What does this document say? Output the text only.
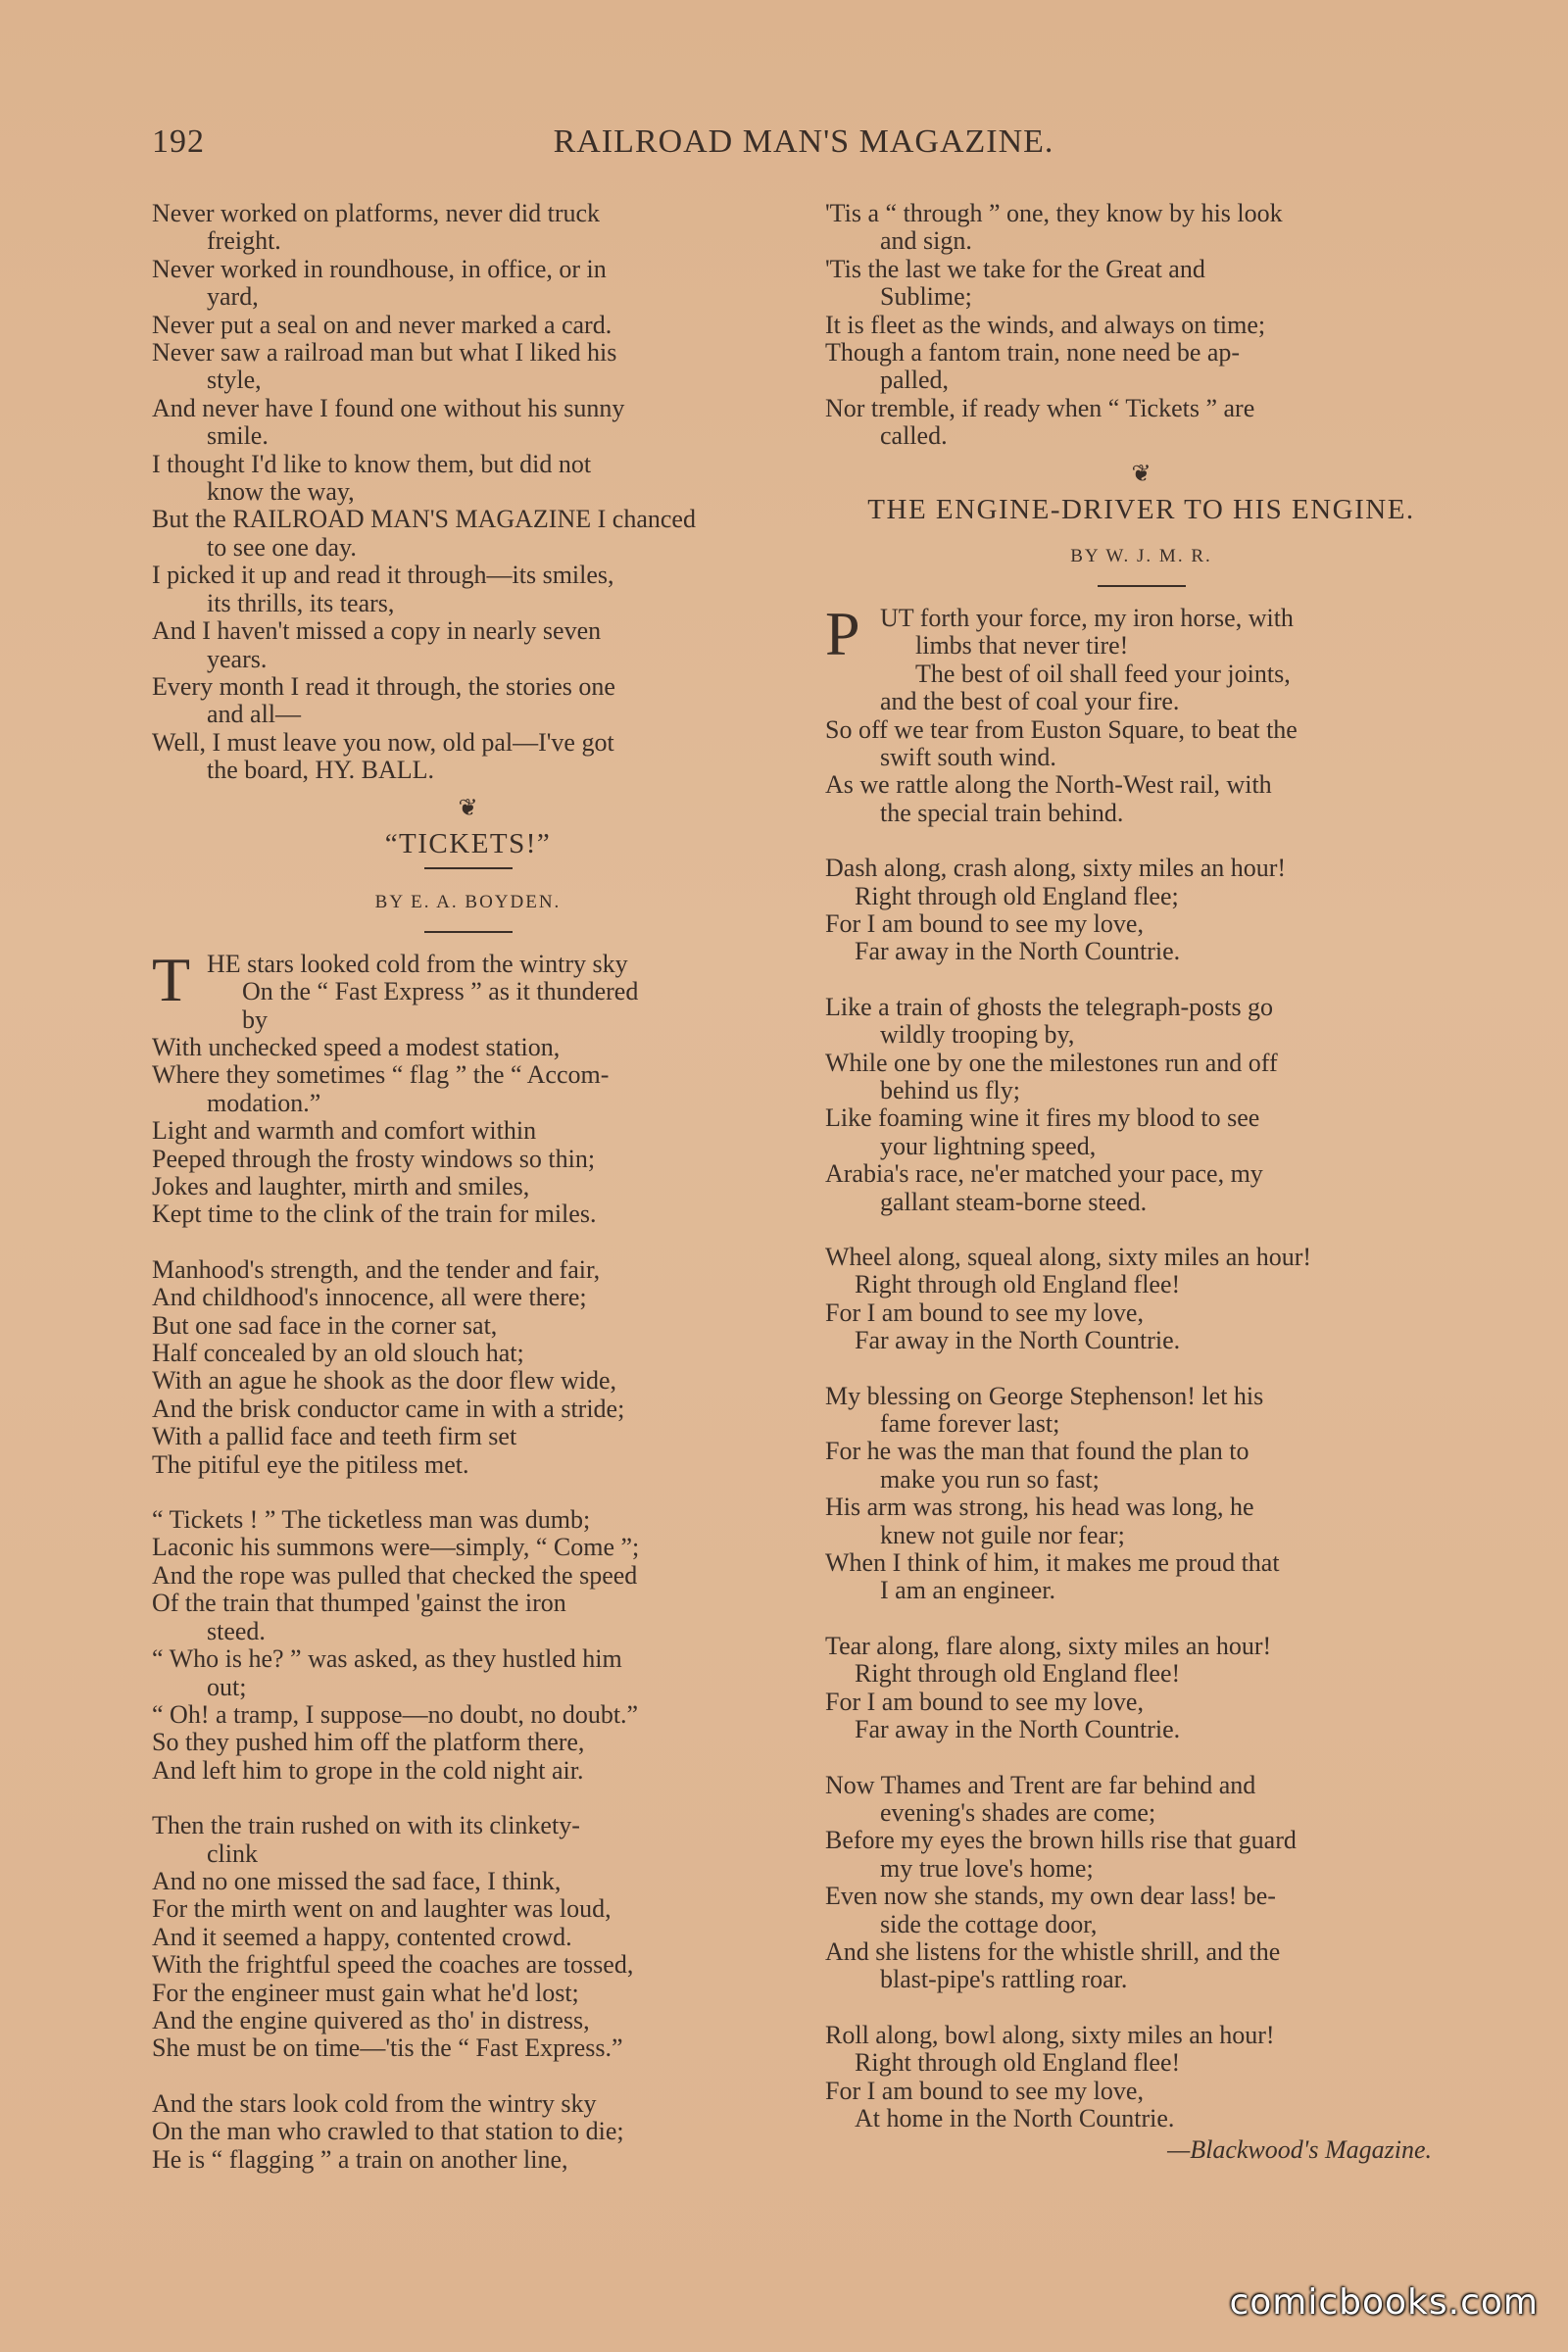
192	RAILROAD MAN'S MAGAZINE.
Never worked on platforms, never did truck
freight.
Never worked in roundhouse, in office, or in
yard,
Never put a seal on and never marked a card.
Never saw a railroad man but what I liked his
style,
And never have I found one without his sunny
smile.
I thought I'd like to know them, but did not
know the way,
But the RAILROAD MAN'S MAGAZINE I chanced
to see one day.
I picked it up and read it through—its smiles,
its thrills, its tears,
And I haven't missed a copy in nearly seven
years.
Every month I read it through, the stories one
and all—
Well, I must leave you now, old pal—I've got
the board, HY. BALL.
❦
“TICKETS!”
BY E. A. BOYDEN.
T HE stars looked cold from the wintry sky
On the “ Fast Express ” as it thundered
by
With unchecked speed a modest station,
Where they sometimes “ flag ” the “ Accom-
modation.”
Light and warmth and comfort within
Peeped through the frosty windows so thin;
Jokes and laughter, mirth and smiles,
Kept time to the clink of the train for miles.
Manhood's strength, and the tender and fair,
And childhood's innocence, all were there;
But one sad face in the corner sat,
Half concealed by an old slouch hat;
With an ague he shook as the door flew wide,
And the brisk conductor came in with a stride;
With a pallid face and teeth firm set
The pitiful eye the pitiless met.
“ Tickets ! ” The ticketless man was dumb;
Laconic his summons were—simply, “ Come ”;
And the rope was pulled that checked the speed
Of the train that thumped 'gainst the iron
steed.
“ Who is he? ” was asked, as they hustled him
out;
“ Oh! a tramp, I suppose—no doubt, no doubt.”
So they pushed him off the platform there,
And left him to grope in the cold night air.
Then the train rushed on with its clinkety-
clink
And no one missed the sad face, I think,
For the mirth went on and laughter was loud,
And it seemed a happy, contented crowd.
With the frightful speed the coaches are tossed,
For the engineer must gain what he'd lost;
And the engine quivered as tho' in distress,
She must be on time—'tis the “ Fast Express.”
And the stars look cold from the wintry sky
On the man who crawled to that station to die;
He is “ flagging ” a train on another line,
'Tis a “ through ” one, they know by his look
and sign.
'Tis the last we take for the Great and
Sublime;
It is fleet as the winds, and always on time;
Though a fantom train, none need be ap-
palled,
Nor tremble, if ready when “ Tickets ” are
called.
❦
THE ENGINE-DRIVER TO HIS ENGINE.
BY W. J. M. R.
P UT forth your force, my iron horse, with
limbs that never tire!
The best of oil shall feed your joints,
and the best of coal your fire.
So off we tear from Euston Square, to beat the
swift south wind.
As we rattle along the North-West rail, with
the special train behind.
Dash along, crash along, sixty miles an hour!
Right through old England flee;
For I am bound to see my love,
Far away in the North Countrie.
Like a train of ghosts the telegraph-posts go
wildly trooping by,
While one by one the milestones run and off
behind us fly;
Like foaming wine it fires my blood to see
your lightning speed,
Arabia's race, ne'er matched your pace, my
gallant steam-borne steed.
Wheel along, squeal along, sixty miles an hour!
Right through old England flee!
For I am bound to see my love,
Far away in the North Countrie.
My blessing on George Stephenson! let his
fame forever last;
For he was the man that found the plan to
make you run so fast;
His arm was strong, his head was long, he
knew not guile nor fear;
When I think of him, it makes me proud that
I am an engineer.
Tear along, flare along, sixty miles an hour!
Right through old England flee!
For I am bound to see my love,
Far away in the North Countrie.
Now Thames and Trent are far behind and
evening's shades are come;
Before my eyes the brown hills rise that guard
my true love's home;
Even now she stands, my own dear lass! be-
side the cottage door,
And she listens for the whistle shrill, and the
blast-pipe's rattling roar.
Roll along, bowl along, sixty miles an hour!
Right through old England flee!
For I am bound to see my love,
At home in the North Countrie.
—Blackwood's Magazine.
comicbooks.com
